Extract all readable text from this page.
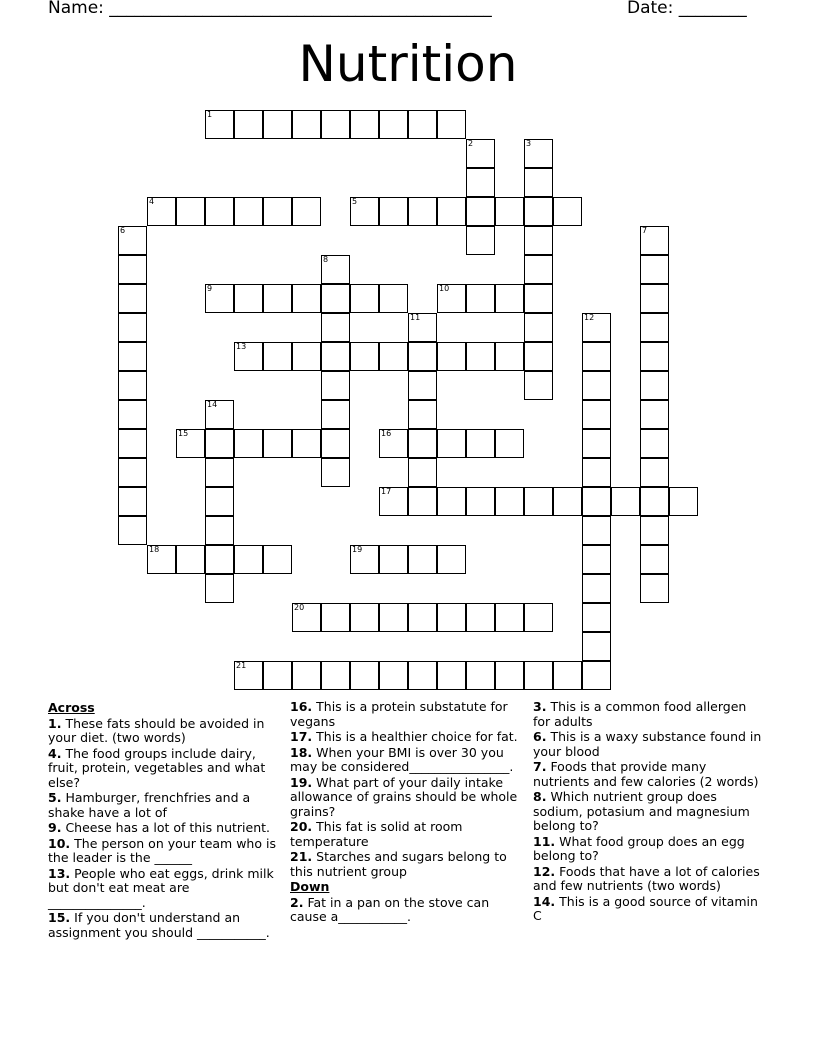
Name: _____________________________________________	Date: ________
Nutrition
1
2	3
4	5
6	7
8
9	10
11	12
13
14
15	16
17
18	19
20
21
Across
1. These fats should be avoided in your diet. (two words)
4. The food groups include dairy, fruit, protein, vegetables and what else?
5. Hamburger, frenchfries and a shake have a lot of
9. Cheese has a lot of this nutrient.
10. The person on your team who is the leader is the ______
13. People who eat eggs, drink milk but don't eat meat are _______________.
15. If you don't understand an assignment you should ___________.
16. This is a protein substatute for vegans
17. This is a healthier choice for fat.
18. When your BMI is over 30 you may be considered________________.
19. What part of your daily intake allowance of grains should be whole grains?
20. This fat is solid at room temperature
21. Starches and sugars belong to this nutrient group
Down
2. Fat in a pan on the stove can cause a___________.
3. This is a common food allergen for adults
6. This is a waxy substance found in your blood
7. Foods that provide many nutrients and few calories (2 words)
8. Which nutrient group does sodium, potasium and magnesium belong to?
11. What food group does an egg belong to?
12. Foods that have a lot of calories and few nutrients (two words)
14. This is a good source of vitamin C
